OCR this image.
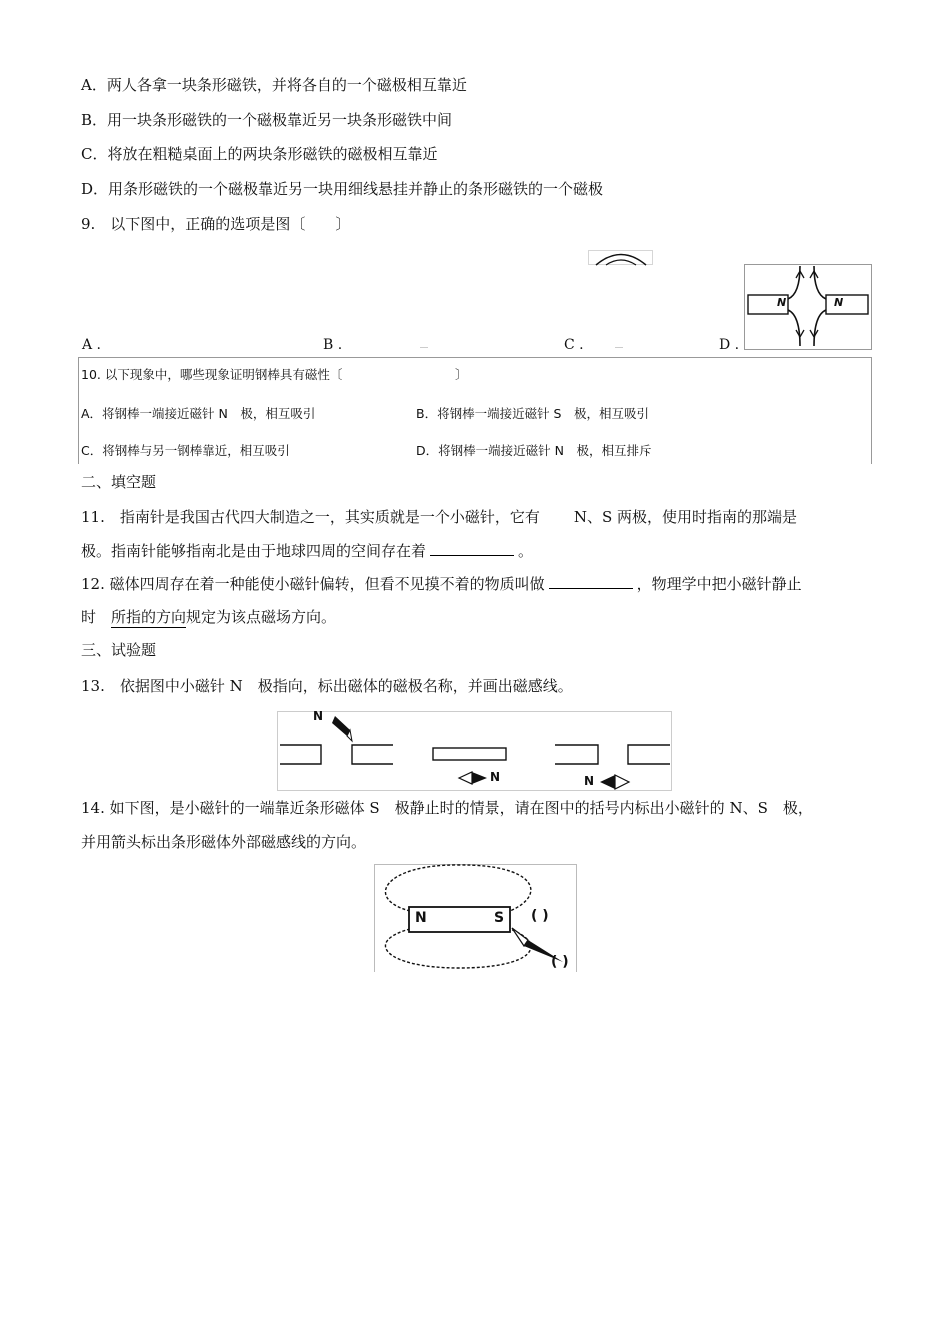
A．两人各拿一块条形磁铁，并将各自的一个磁极相互靠近
B．用一块条形磁铁的一个磁极靠近另一块条形磁铁中间
C．将放在粗糙桌面上的两块条形磁铁的磁极相互靠近
D．用条形磁铁的一个磁极靠近另一块用细线悬挂并静止的条形磁铁的一个磁极
9.　以下图中，正确的选项是图〔　　〕
N	N
A .	B .	C .	D .
10. 以下现象中，哪些现象证明钢棒具有磁性〔	〕
A．将钢棒一端接近磁针 N　极，相互吸引	B．将钢棒一端接近磁针 S　极，相互吸引
C．将钢棒与另一钢棒靠近，相互吸引	D．将钢棒一端接近磁针 N　极，相互排斥
二、填空题
11.　指南针是我国古代四大制造之一，其实质就是一个小磁针，它有 N、S 两极，使用时指南的那端是
极。指南针能够指南北是由于地球四周的空间存在着	。
12. 磁体四周存在着一种能使小磁针偏转，但看不见摸不着的物质叫做	，物理学中把小磁针静止
时　 所指的方向规定为该点磁场方向。
三、试验题
13.　依据图中小磁针 N　极指向，标出磁体的磁极名称，并画出磁感线。
N
N	N
14. 如下图，是小磁针的一端靠近条形磁体 S　极静止时的情景，请在图中的括号内标出小磁针的 N、S　极，
并用箭头标出条形磁体外部磁感线的方向。
N	S ( )
( )
